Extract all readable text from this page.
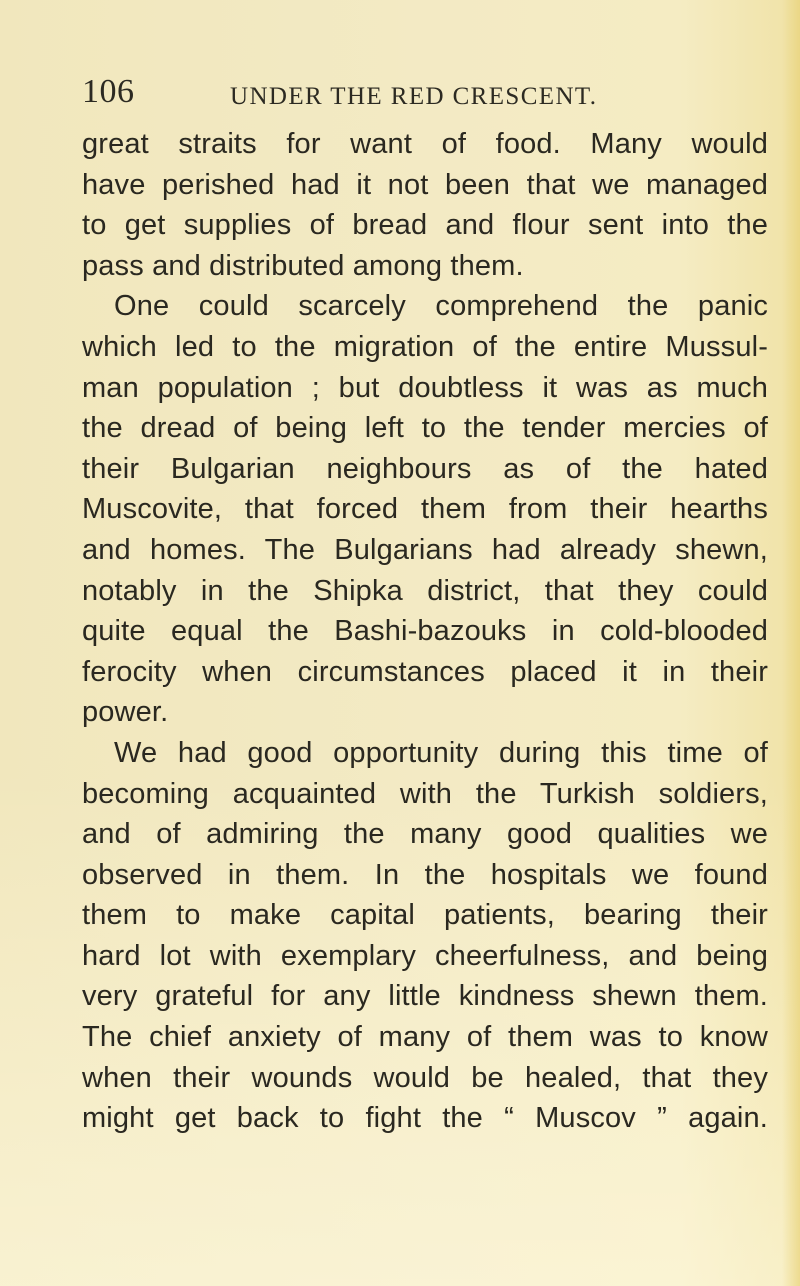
106	UNDER THE RED CRESCENT.
great straits for want of food. Many would
have perished had it not been that we managed
to get supplies of bread and flour sent into the
pass and distributed among them.
One could scarcely comprehend the panic
which led to the migration of the entire Mussul-
man population ; but doubtless it was as much
the dread of being left to the tender mercies of
their Bulgarian neighbours as of the hated
Muscovite, that forced them from their hearths
and homes. The Bulgarians had already shewn,
notably in the Shipka district, that they could
quite equal the Bashi-bazouks in cold-blooded
ferocity when circumstances placed it in their
power.
We had good opportunity during this time of
becoming acquainted with the Turkish soldiers,
and of admiring the many good qualities we
observed in them. In the hospitals we found
them to make capital patients, bearing their
hard lot with exemplary cheerfulness, and being
very grateful for any little kindness shewn them.
The chief anxiety of many of them was to know
when their wounds would be healed, that they
might get back to fight the “ Muscov ” again.
